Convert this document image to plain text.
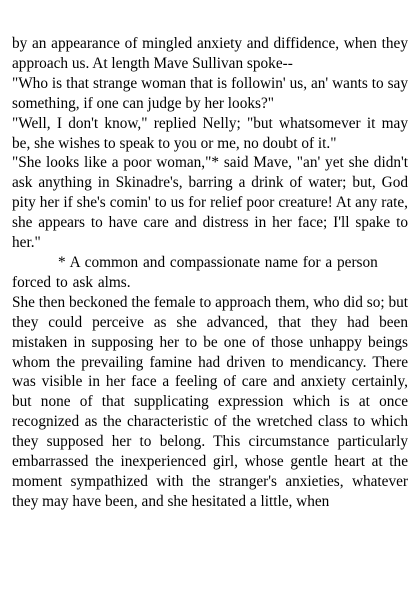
by an appearance of mingled anxiety and diffidence, when they approach us. At length Mave Sullivan spoke--

"Who is that strange woman that is followin' us, an' wants to say something, if one can judge by her looks?"

"Well, I don't know," replied Nelly; "but whatsomever it may be, she wishes to speak to you or me, no doubt of it."

"She looks like a poor woman,"* said Mave, "an' yet she didn't ask anything in Skinadre's, barring a drink of water; but, God pity her if she's comin' to us for relief poor creature! At any rate, she appears to have care and distress in her face; I'll spake to her."

* A common and compassionate name for a person forced to ask alms.

She then beckoned the female to approach them, who did so; but they could perceive as she advanced, that they had been mistaken in supposing her to be one of those unhappy beings whom the prevailing famine had driven to mendicancy. There was visible in her face a feeling of care and anxiety certainly, but none of that supplicating expression which is at once recognized as the characteristic of the wretched class to which they supposed her to belong. This circumstance particularly embarrassed the inexperienced girl, whose gentle heart at the moment sympathized with the stranger's anxieties, whatever they may have been, and she hesitated a little, when
